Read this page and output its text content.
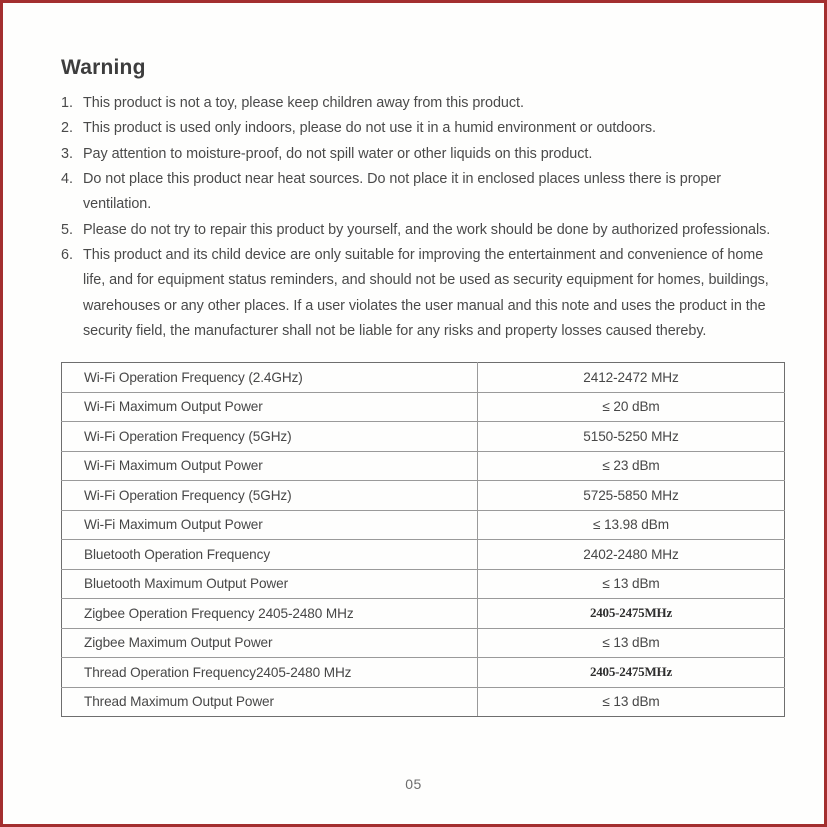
Warning
1. This product is not a toy, please keep children away from this product.
2. This product is used only indoors, please do not use it in a humid environment or outdoors.
3. Pay attention to moisture-proof, do not spill water or other liquids on this product.
4. Do not place this product near heat sources. Do not place it in enclosed places unless there is proper ventilation.
5. Please do not try to repair this product by yourself, and the work should be done by authorized professionals.
6. This product and its child device are only suitable for improving the entertainment and convenience of home life, and for equipment status reminders, and should not be used as security equipment for homes, buildings, warehouses or any other places. If a user violates the user manual and this note and uses the product in the security field, the manufacturer shall not be liable for any risks and property losses caused thereby.
Wi-Fi Operation Frequency (2.4GHz)	2412-2472 MHz
Wi-Fi Maximum Output Power	≤ 20 dBm
Wi-Fi Operation Frequency (5GHz)	5150-5250 MHz
Wi-Fi Maximum Output Power	≤ 23 dBm
Wi-Fi Operation Frequency (5GHz)	5725-5850 MHz
Wi-Fi Maximum Output Power	≤ 13.98 dBm
Bluetooth Operation Frequency	2402-2480 MHz
Bluetooth Maximum Output Power	≤ 13 dBm
Zigbee Operation Frequency 2405-2480 MHz	2405-2475MHz
Zigbee Maximum Output Power	≤ 13 dBm
Thread Operation Frequency2405-2480 MHz	2405-2475MHz
Thread Maximum Output Power	≤ 13 dBm
05
